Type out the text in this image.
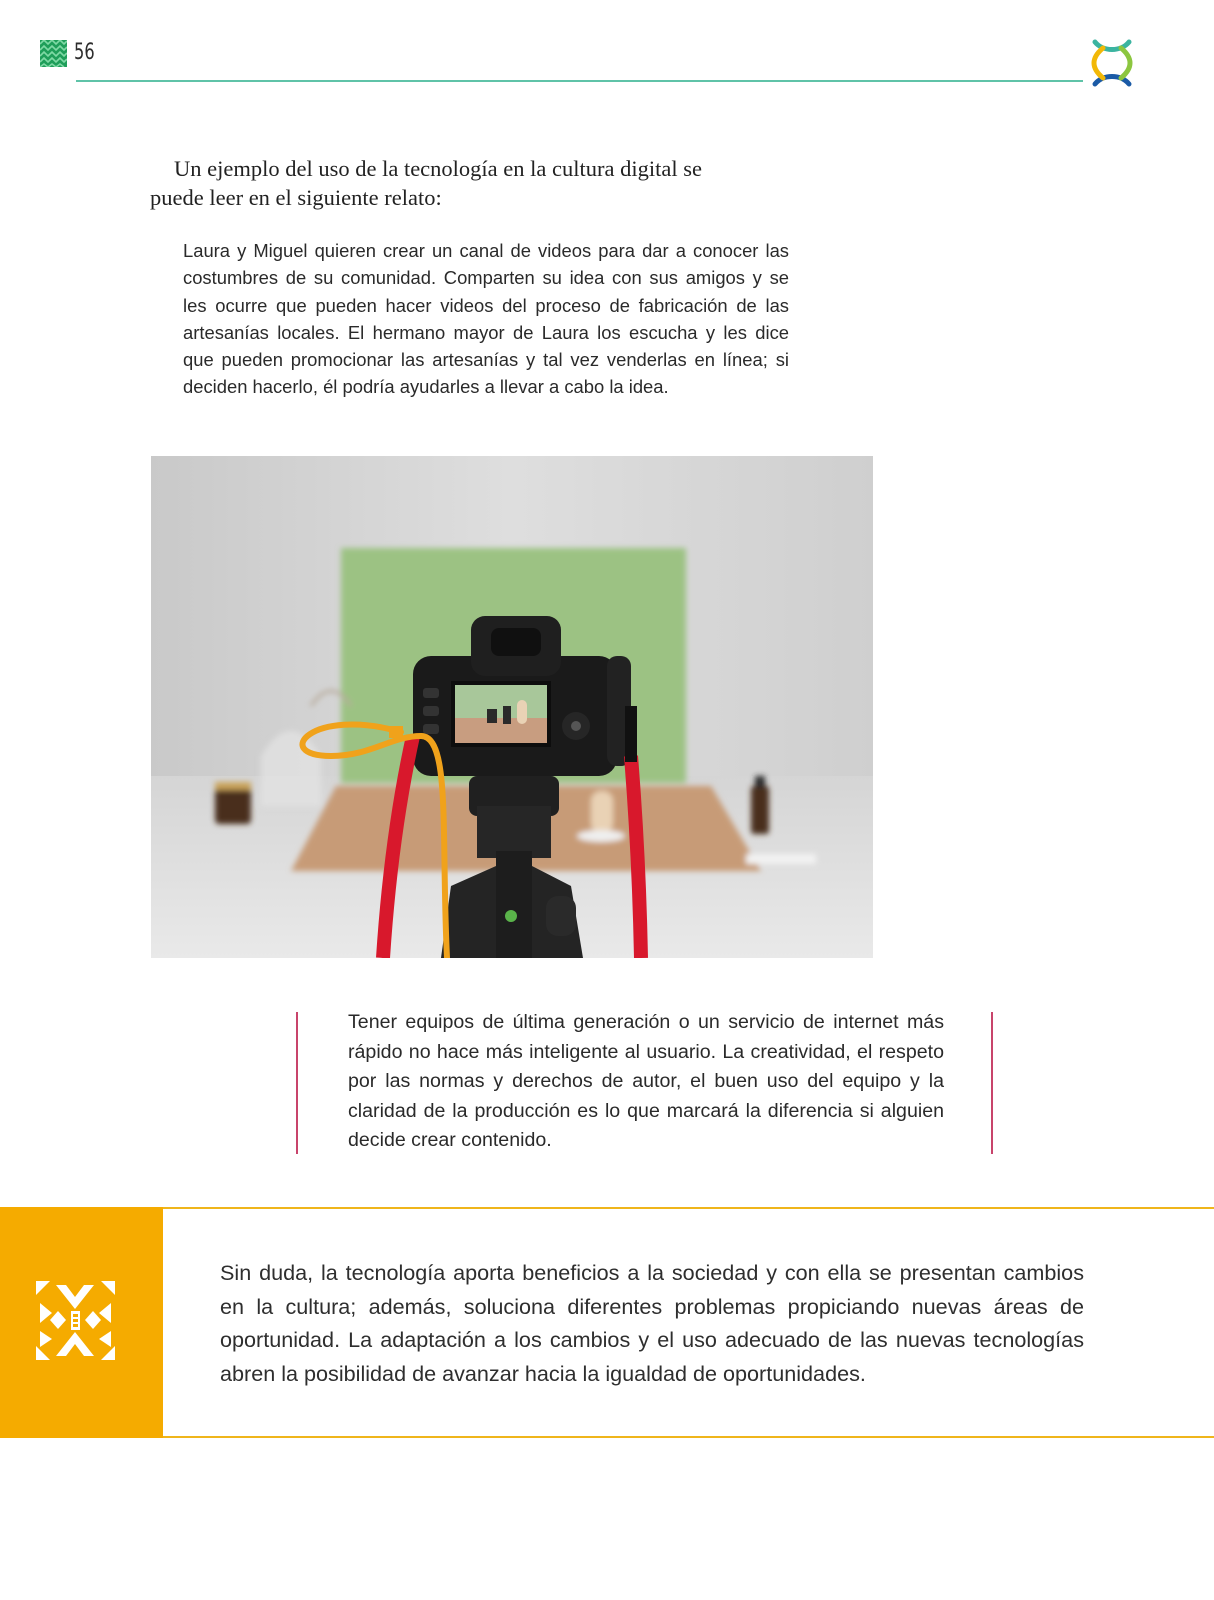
56

Un ejemplo del uso de la tecnología en la cultura digital se puede leer en el siguiente relato:

Laura y Miguel quieren crear un canal de videos para dar a conocer las costumbres de su comunidad. Comparten su idea con sus amigos y se les ocurre que pueden hacer videos del proceso de fabricación de las artesanías locales. El hermano mayor de Laura los escucha y les dice que pueden promocionar las artesanías y tal vez venderlas en línea; si deciden hacerlo, él podría ayudarles a llevar a cabo la idea.

Tener equipos de última generación o un servicio de internet más rápido no hace más inteligente al usuario. La creatividad, el respeto por las normas y derechos de autor, el buen uso del equipo y la claridad de la producción es lo que marcará la diferencia si alguien decide crear contenido.

Sin duda, la tecnología aporta beneficios a la sociedad y con ella se presentan cambios en la cultura; además, soluciona diferentes problemas propiciando nuevas áreas de oportunidad. La adaptación a los cambios y el uso adecuado de las nuevas tecnologías abren la posibilidad de avanzar hacia la igualdad de oportunidades.
